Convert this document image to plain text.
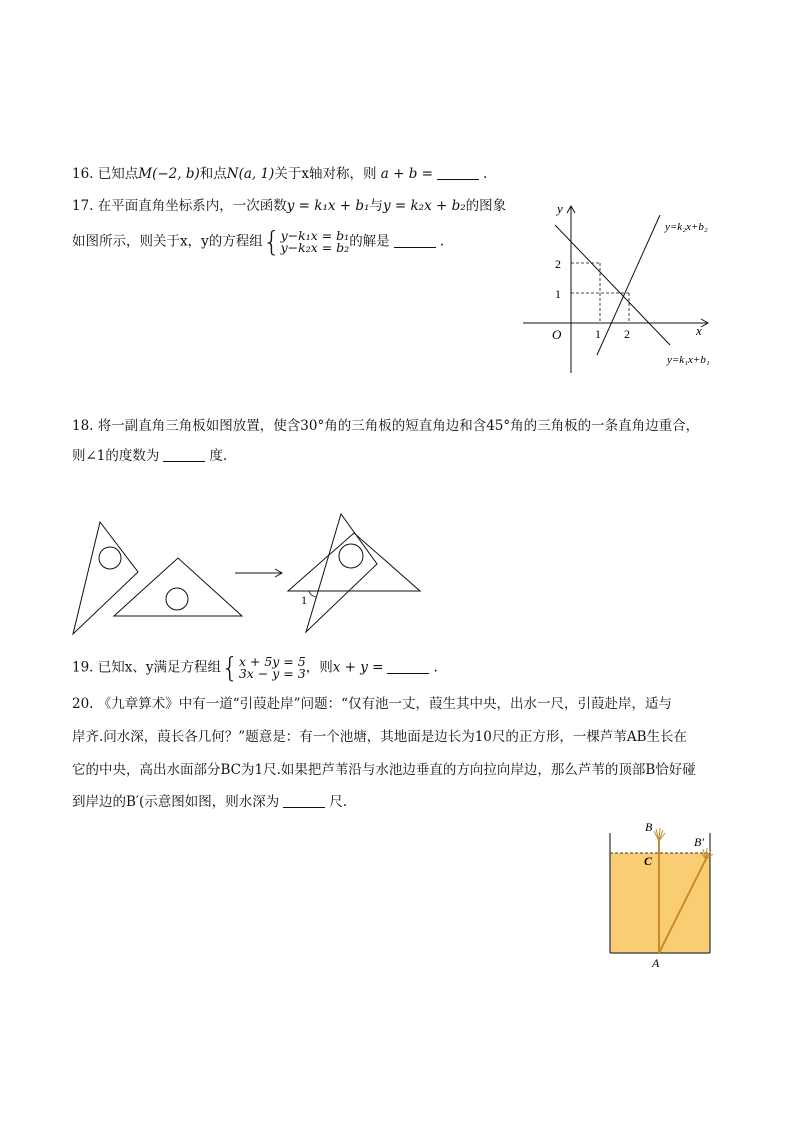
16. 已知点M(−2, b)和点N(a, 1)关于x轴对称，则 a + b =	.
17. 在平面直角坐标系内，一次函数y = k₁x + b₁与y = k₂x + b₂的图象
如图所示，则关于x，y的方程组{y−k₁x = b₁
y−k₂x = b₂的解是	.
y
x
O
2
1
1 2
y=k₂x+b₂
y=k₁x+b₁
18. 将一副直角三角板如图放置，使含30°角的三角板的短直角边和含45°角的三角板的一条直角边重合，
则∠1的度数为	度.
1
19. 已知x、y满足方程组{x + 5y = 5
3x − y = 3，则x + y =	.
20. 《九章算术》中有一道“引葭赴岸”问题：“仅有池一丈，葭生其中央，出水一尺，引葭赴岸，适与
岸齐.问水深，葭长各几何？”题意是：有一个池塘，其地面是边长为10尺的正方形，一棵芦苇AB生长在
它的中央，高出水面部分BC为1尺.如果把芦苇沿与水池边垂直的方向拉向岸边，那么芦苇的顶部B恰好碰
到岸边的B′(示意图如图，则水深为	尺.
B
B′
C
A
